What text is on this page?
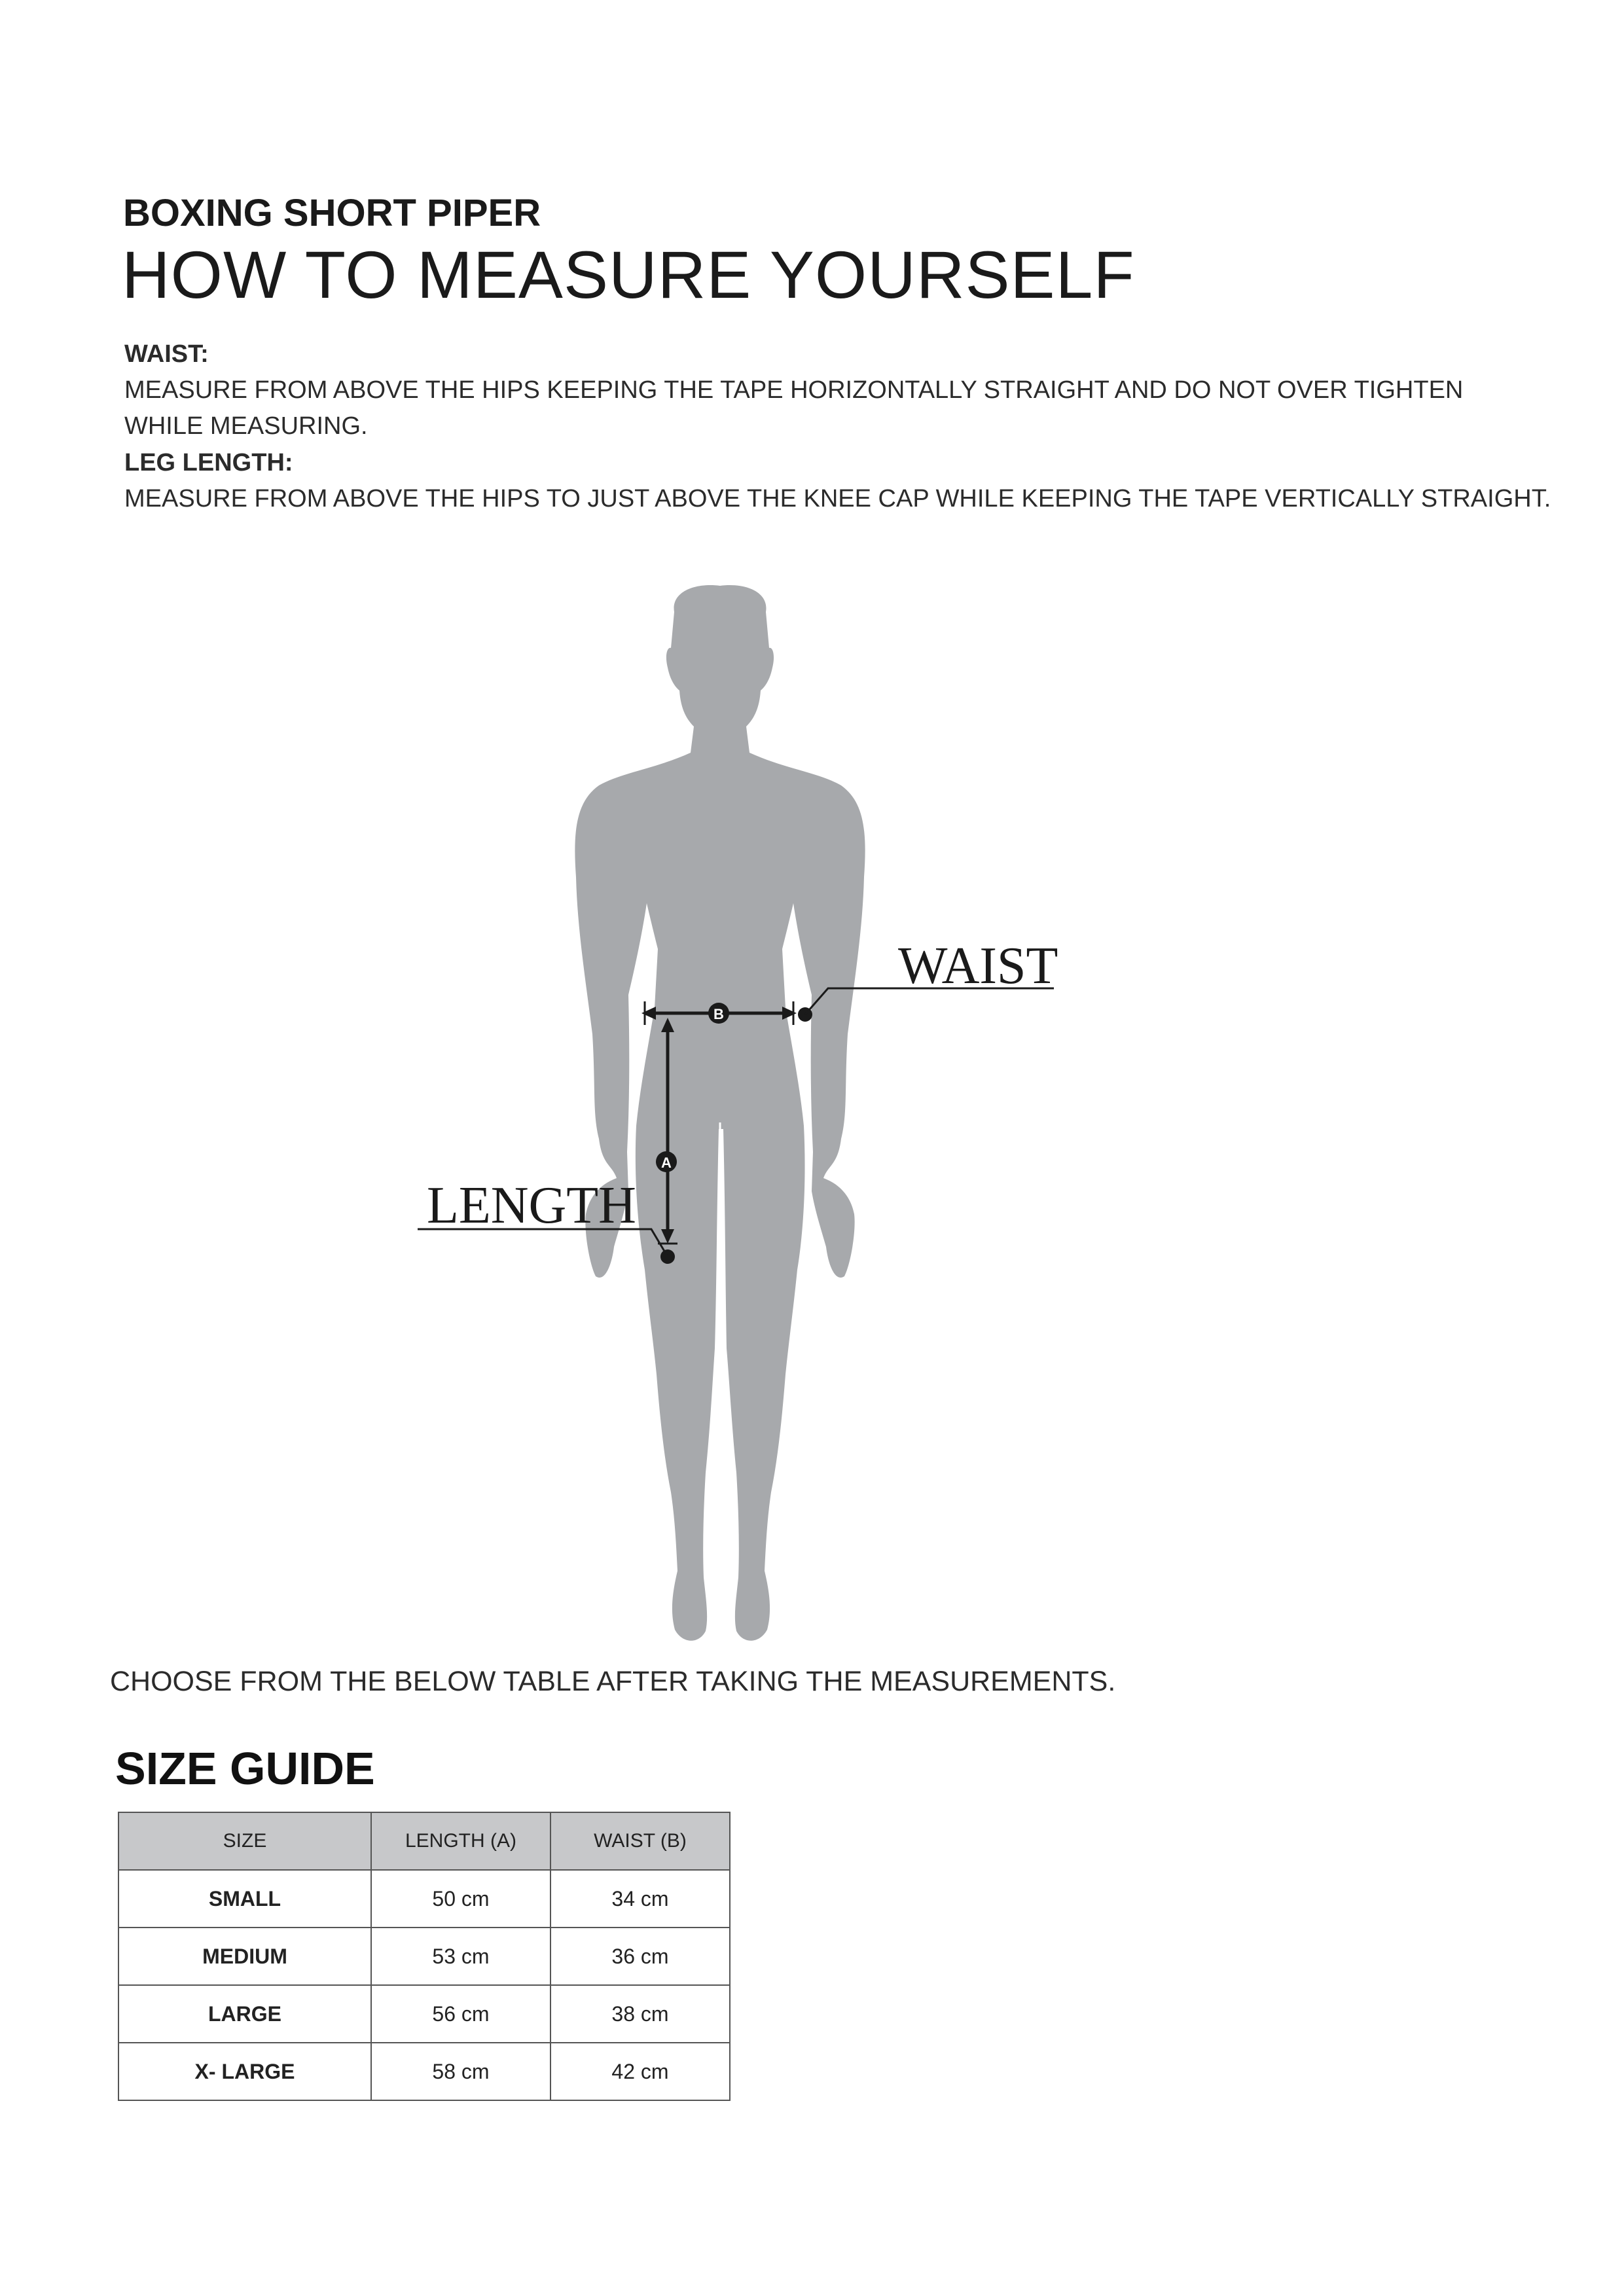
BOXING SHORT PIPER
HOW TO MEASURE YOURSELF
WAIST:
MEASURE FROM ABOVE THE HIPS KEEPING THE TAPE HORIZONTALLY STRAIGHT AND DO NOT OVER TIGHTEN
WHILE MEASURING.
LEG LENGTH:
MEASURE FROM ABOVE THE HIPS TO JUST ABOVE THE KNEE CAP WHILE KEEPING THE TAPE VERTICALLY STRAIGHT.
B
A
WAIST
LENGTH
CHOOSE FROM THE BELOW TABLE AFTER TAKING THE MEASUREMENTS.
SIZE GUIDE
SIZE	LENGTH (A)	WAIST (B)
SMALL	50 cm	34 cm
MEDIUM	53 cm	36 cm
LARGE	56 cm	38 cm
X- LARGE	58 cm	42 cm
